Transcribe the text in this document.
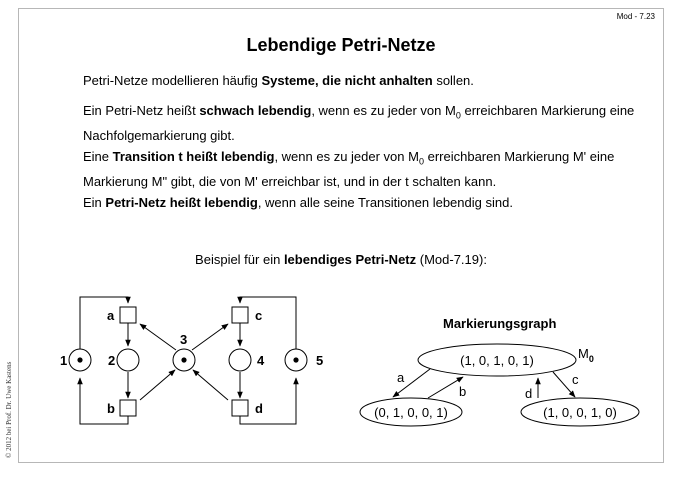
Mod - 7.23
Lebendige Petri-Netze
Petri-Netze modellieren häufig Systeme, die nicht anhalten sollen.
Ein Petri-Netz heißt schwach lebendig, wenn es zu jeder von $M_0$ erreichbaren Markierung eine Nachfolgemarkierung gibt.
Eine Transition t heißt lebendig, wenn es zu jeder von $M_0$ erreichbaren Markierung M' eine Markierung M" gibt, die von M' erreichbar ist, und in der t schalten kann.
Ein Petri-Netz heißt lebendig, wenn alle seine Transitionen lebendig sind.
Beispiel für ein lebendiges Petri-Netz (Mod-7.19):
1	2
3
4	5
a
b
c
d
Markierungsgraph
(1, 0, 1, 0, 1)
(0, 1, 0, 0, 1)	(1, 0, 0, 1, 0)
$M_0$
a
b
c
d
© 2012 bei Prof. Dr. Uwe Kastens
